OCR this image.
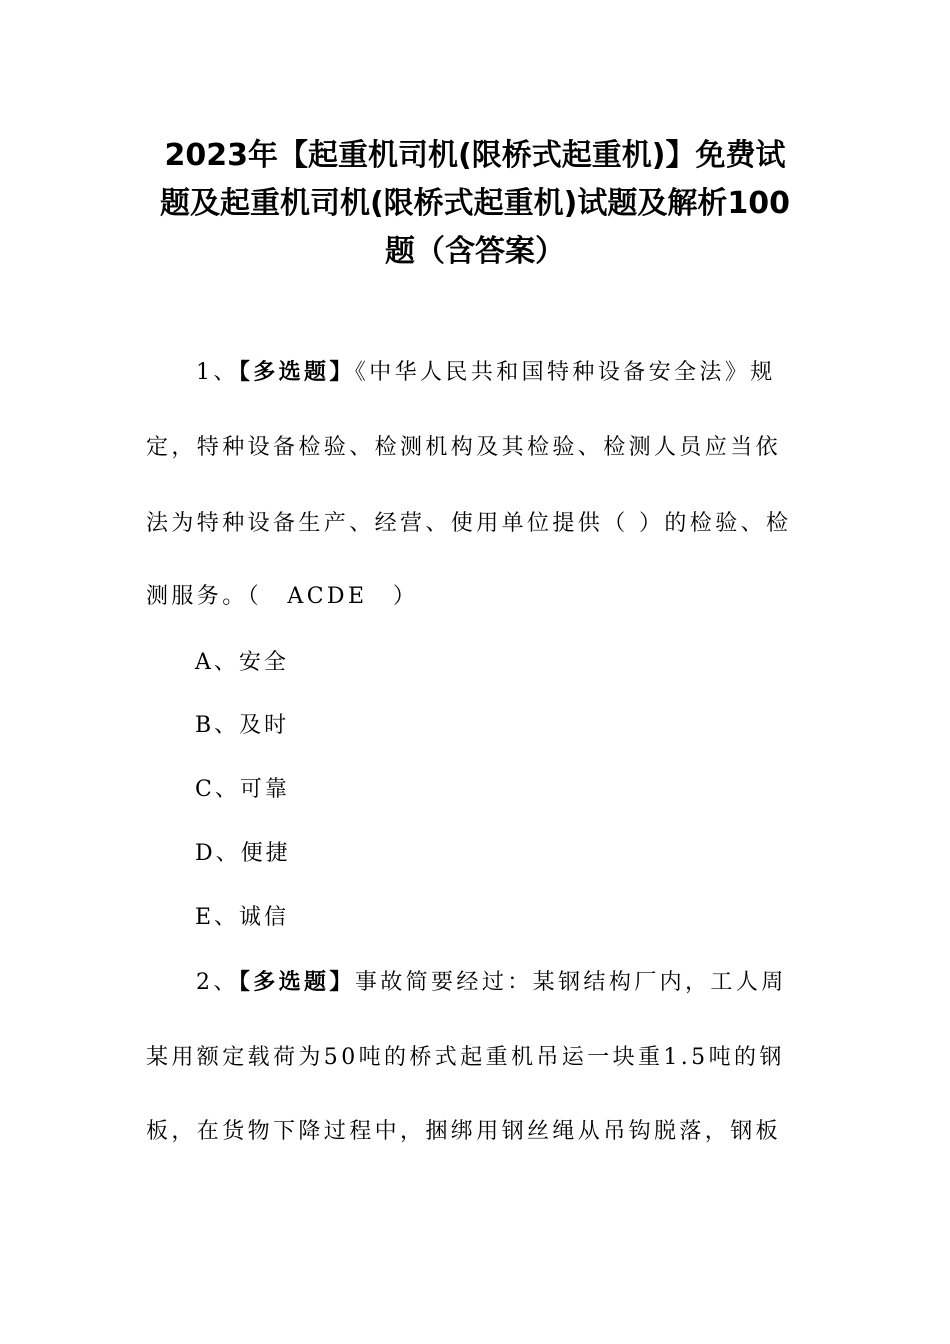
2023年【起重机司机(限桥式起重机)】免费试
题及起重机司机(限桥式起重机)试题及解析100
题（含答案）
1、【多选题】《中华人民共和国特种设备安全法》规
定，特种设备检验、检测机构及其检验、检测人员应当依
法为特种设备生产、经营、使用单位提供（ ）的检验、检
测服务。（　ACDE　）
A、安全
B、及时
C、可靠
D、便捷
E、诚信
2、【多选题】事故简要经过：某钢结构厂内，工人周
某用额定载荷为50吨的桥式起重机吊运一块重1.5吨的钢
板，在货物下降过程中，捆绑用钢丝绳从吊钩脱落，钢板
